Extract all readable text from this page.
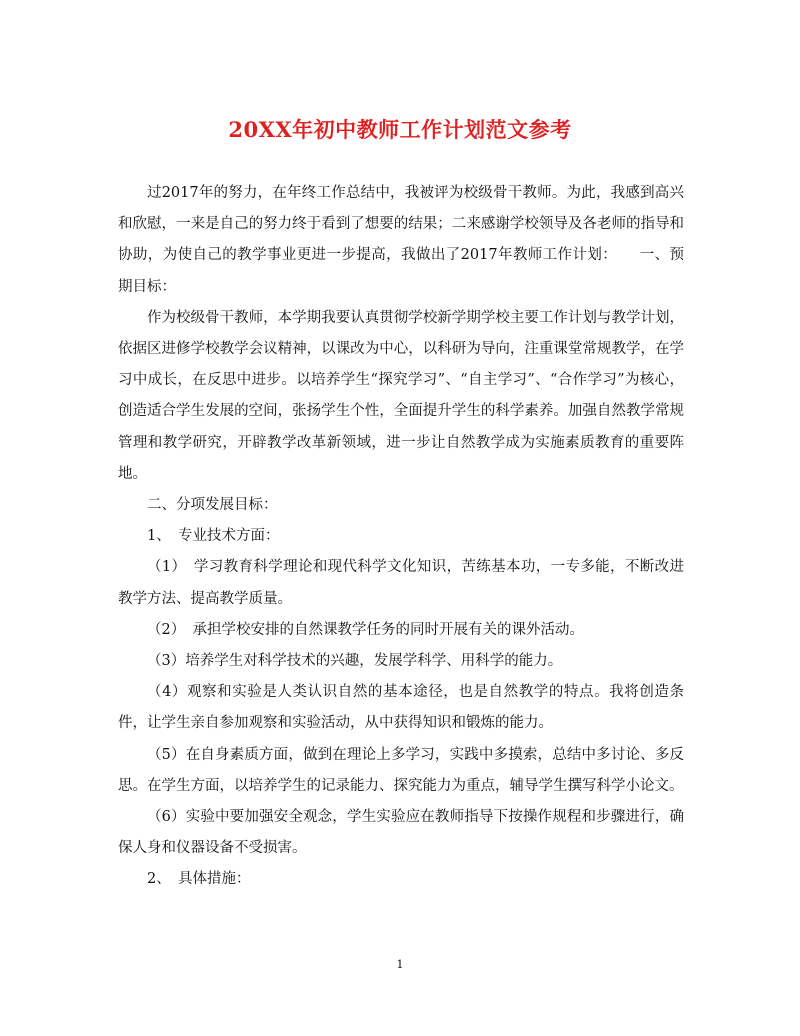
20XX年初中教师工作计划范文参考

过2017年的努力，在年终工作总结中，我被评为校级骨干教师。为此，我感到高兴和欣慰，一来是自己的努力终于看到了想要的结果；二来感谢学校领导及各老师的指导和协助，为使自己的教学事业更进一步提高，我做出了2017年教师工作计划：　　一、预期目标：

作为校级骨干教师，本学期我要认真贯彻学校新学期学校主要工作计划与教学计划，依据区进修学校教学会议精神，以课改为中心，以科研为导向，注重课堂常规教学，在学习中成长，在反思中进步。以培养学生“探究学习”、“自主学习”、“合作学习”为核心，创造适合学生发展的空间，张扬学生个性，全面提升学生的科学素养。加强自然教学常规管理和教学研究，开辟教学改革新领域，进一步让自然教学成为实施素质教育的重要阵地。

二、分项发展目标：

1、　专业技术方面：

（1）　学习教育科学理论和现代科学文化知识，苦练基本功，一专多能，不断改进教学方法、提高教学质量。

（2）　承担学校安排的自然课教学任务的同时开展有关的课外活动。

（3）培养学生对科学技术的兴趣，发展学科学、用科学的能力。

（4）观察和实验是人类认识自然的基本途径，也是自然教学的特点。我将创造条件，让学生亲自参加观察和实验活动，从中获得知识和锻炼的能力。

（5）在自身素质方面，做到在理论上多学习，实践中多摸索，总结中多讨论、多反思。在学生方面，以培养学生的记录能力、探究能力为重点，辅导学生撰写科学小论文。

（6）实验中要加强安全观念，学生实验应在教师指导下按操作规程和步骤进行，确保人身和仪器设备不受损害。

2、　具体措施：

1
